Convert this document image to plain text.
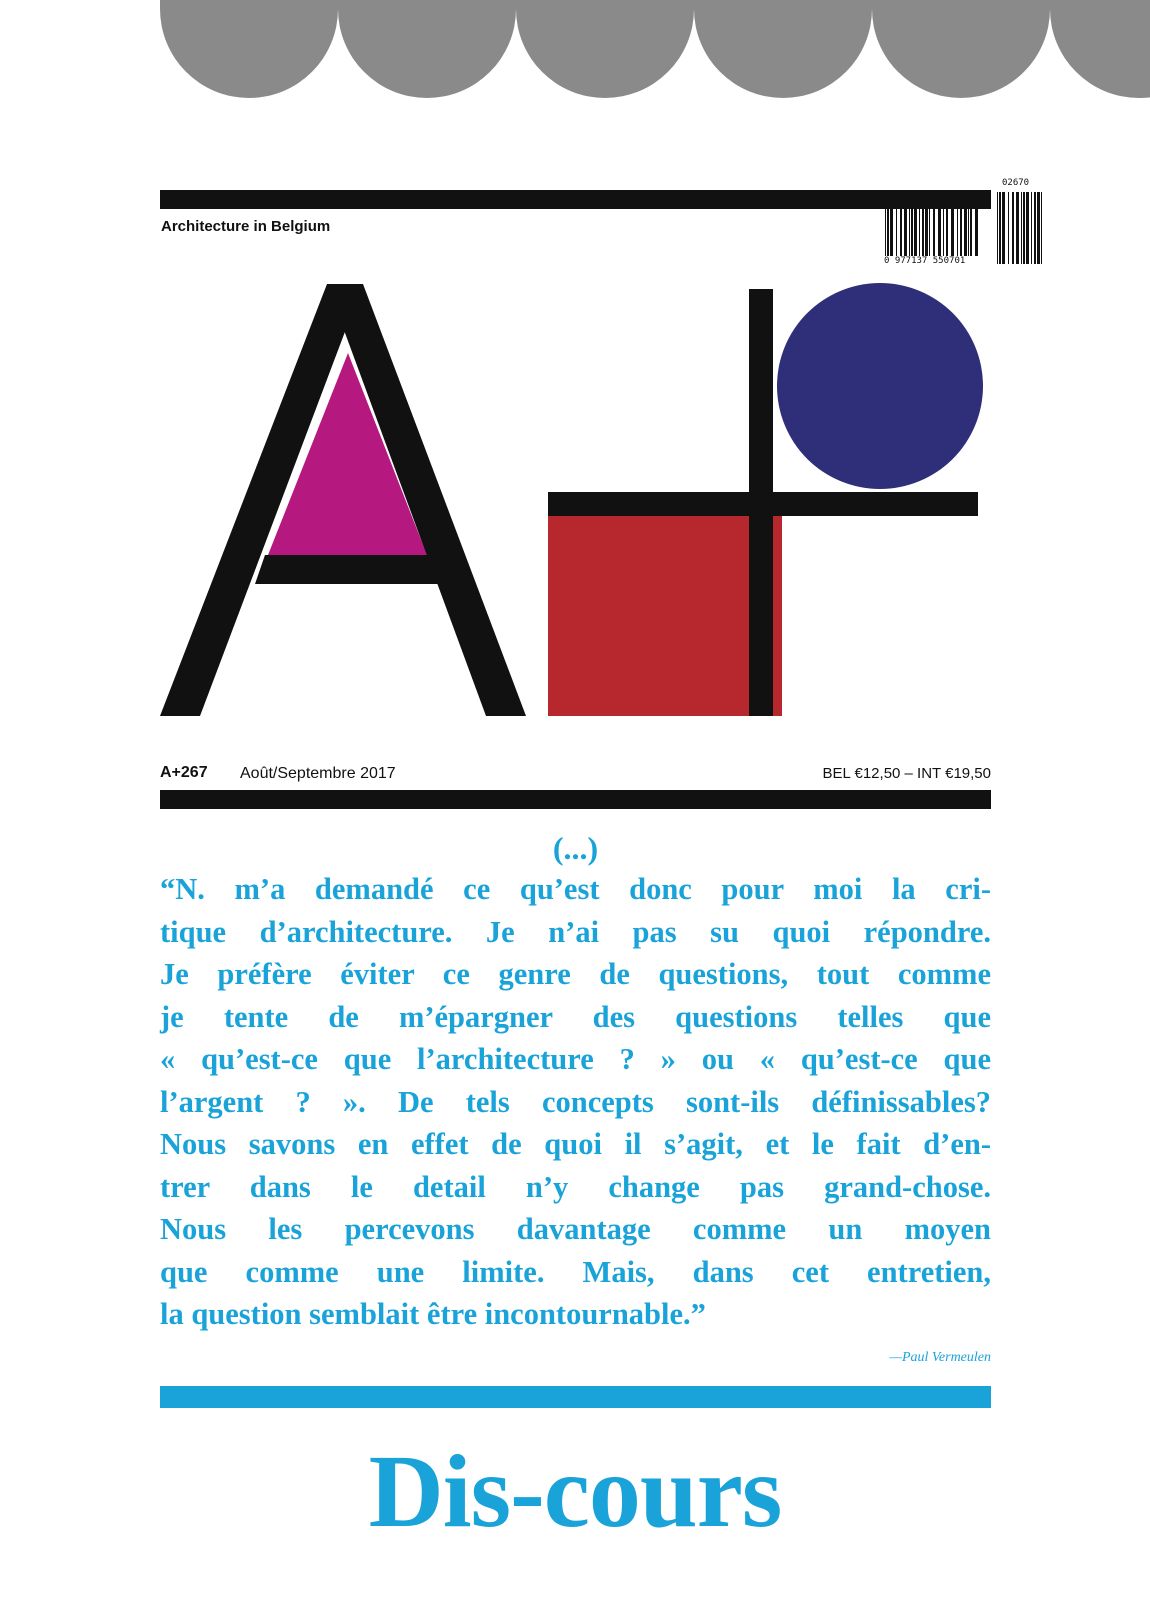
Architecture in Belgium
0 977137 550701
02670
A+267 Août/Septembre 2017	BEL €12,50 – INT €19,50
(...)
“N. m’a demandé ce qu’est donc pour moi la cri-
tique d’architecture. Je n’ai pas su quoi répondre.
Je préfère éviter ce genre de questions, tout comme
je tente de m’épargner des questions telles que
« qu’est-ce que l’architecture ? » ou « qu’est-ce que
l’argent ? ». De tels concepts sont-ils définissables?
Nous savons en effet de quoi il s’agit, et le fait d’en-
trer dans le detail n’y change pas grand-chose.
Nous les percevons davantage comme un moyen
que comme une limite. Mais, dans cet entretien,
la question semblait être incontournable.”
—Paul Vermeulen
Dis-cours
